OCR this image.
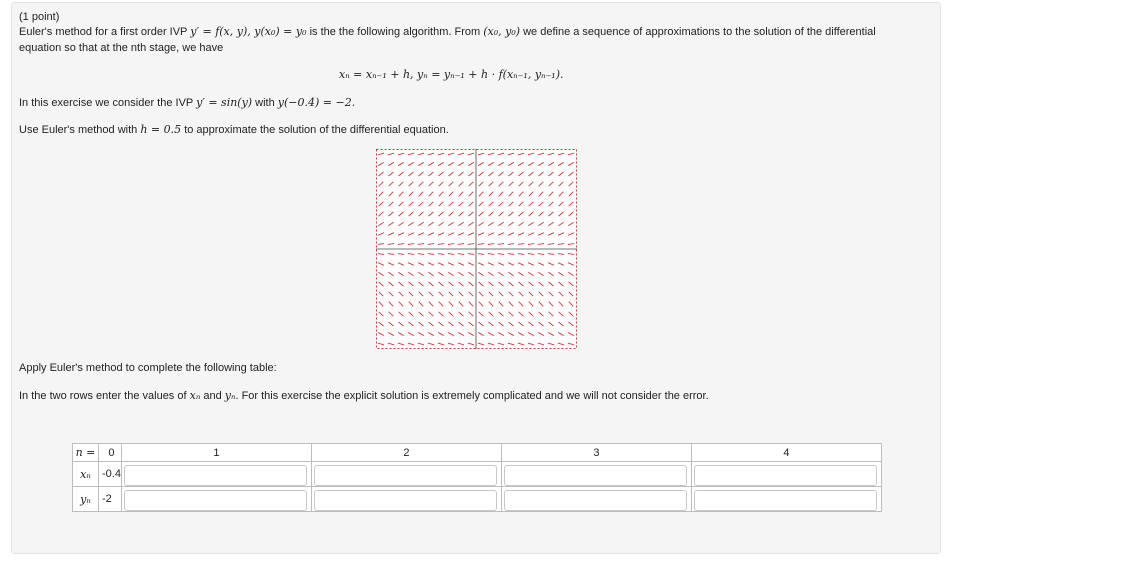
(1 point)
Euler's method for a first order IVP y′ = f(x, y), y(x₀) = y₀ is the the following algorithm. From (x₀, y₀) we define a sequence of approximations to the solution of the differential
equation so that at the nth stage, we have
xₙ = xₙ₋₁ + h, yₙ = yₙ₋₁ + h · f(xₙ₋₁, yₙ₋₁).
In this exercise we consider the IVP y′ = sin(y) with y(−0.4) = −2.
Use Euler's method with h = 0.5 to approximate the solution of the differential equation.
Apply Euler's method to complete the following table:
In the two rows enter the values of xₙ and yₙ. For this exercise the explicit solution is extremely complicated and we will not consider the error.
n =	0	1	2	3	4
xₙ	-0.4	

yₙ	-2	
